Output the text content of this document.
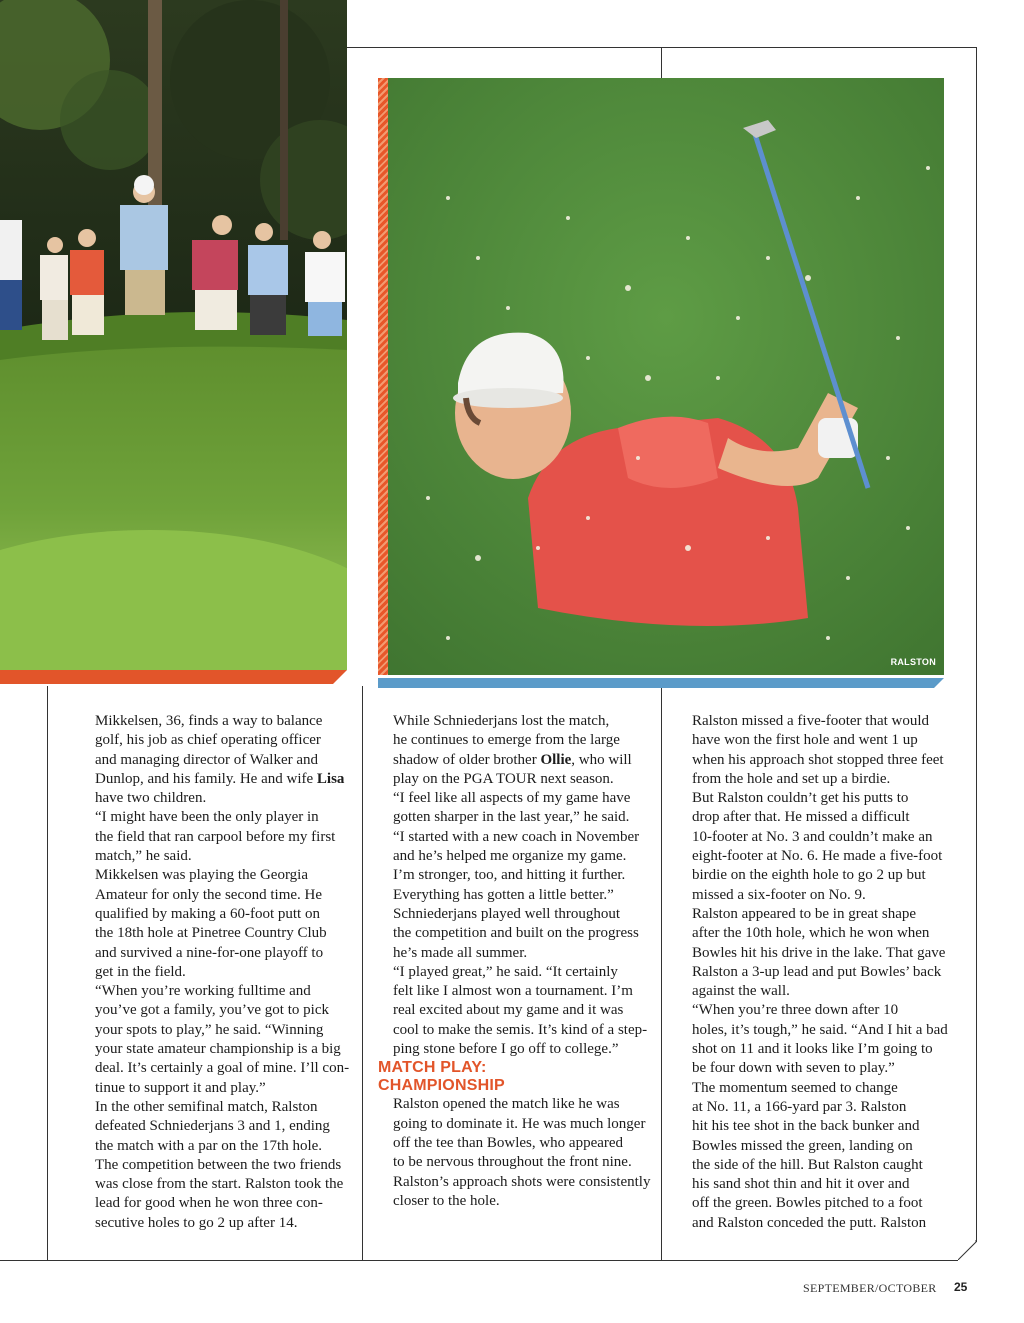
RALSTON

Mikkelsen, 36, finds a way to balance
golf, his job as chief operating officer
and managing director of Walker and
Dunlop, and his family. He and wife Lisa
have two children.

“I might have been the only player in
the field that ran carpool before my first
match,” he said.

Mikkelsen was playing the Georgia
Amateur for only the second time. He
qualified by making a 60-foot putt on
the 18th hole at Pinetree Country Club
and survived a nine-for-one playoff to
get in the field.

“When you’re working fulltime and
you’ve got a family, you’ve got to pick
your spots to play,” he said. “Winning
your state amateur championship is a big
deal. It’s certainly a goal of mine. I’ll con-
tinue to support it and play.”

In the other semifinal match, Ralston
defeated Schniederjans 3 and 1, ending
the match with a par on the 17th hole.
The competition between the two friends
was close from the start. Ralston took the
lead for good when he won three con-
secutive holes to go 2 up after 14.

While Schniederjans lost the match,
he continues to emerge from the large
shadow of older brother Ollie, who will
play on the PGA TOUR next season.

“I feel like all aspects of my game have
gotten sharper in the last year,” he said.
“I started with a new coach in November
and he’s helped me organize my game.
I’m stronger, too, and hitting it further.
Everything has gotten a little better.”

Schniederjans played well throughout
the competition and built on the progress
he’s made all summer.

“I played great,” he said. “It certainly
felt like I almost won a tournament. I’m
real excited about my game and it was
cool to make the semis. It’s kind of a step-
ping stone before I go off to college.”

MATCH PLAY:
CHAMPIONSHIP

Ralston opened the match like he was
going to dominate it. He was much longer
off the tee than Bowles, who appeared
to be nervous throughout the front nine.
Ralston’s approach shots were consistently
closer to the hole.

Ralston missed a five-footer that would
have won the first hole and went 1 up
when his approach shot stopped three feet
from the hole and set up a birdie.

But Ralston couldn’t get his putts to
drop after that. He missed a difficult
10-footer at No. 3 and couldn’t make an
eight-footer at No. 6. He made a five-foot
birdie on the eighth hole to go 2 up but
missed a six-footer on No. 9.

Ralston appeared to be in great shape
after the 10th hole, which he won when
Bowles hit his drive in the lake. That gave
Ralston a 3-up lead and put Bowles’ back
against the wall.

“When you’re three down after 10
holes, it’s tough,” he said. “And I hit a bad
shot on 11 and it looks like I’m going to
be four down with seven to play.”

The momentum seemed to change
at No. 11, a 166-yard par 3. Ralston
hit his tee shot in the back bunker and
Bowles missed the green, landing on
the side of the hill. But Ralston caught
his sand shot thin and hit it over and
off the green. Bowles pitched to a foot
and Ralston conceded the putt. Ralston

SEPTEMBER/OCTOBER 25
